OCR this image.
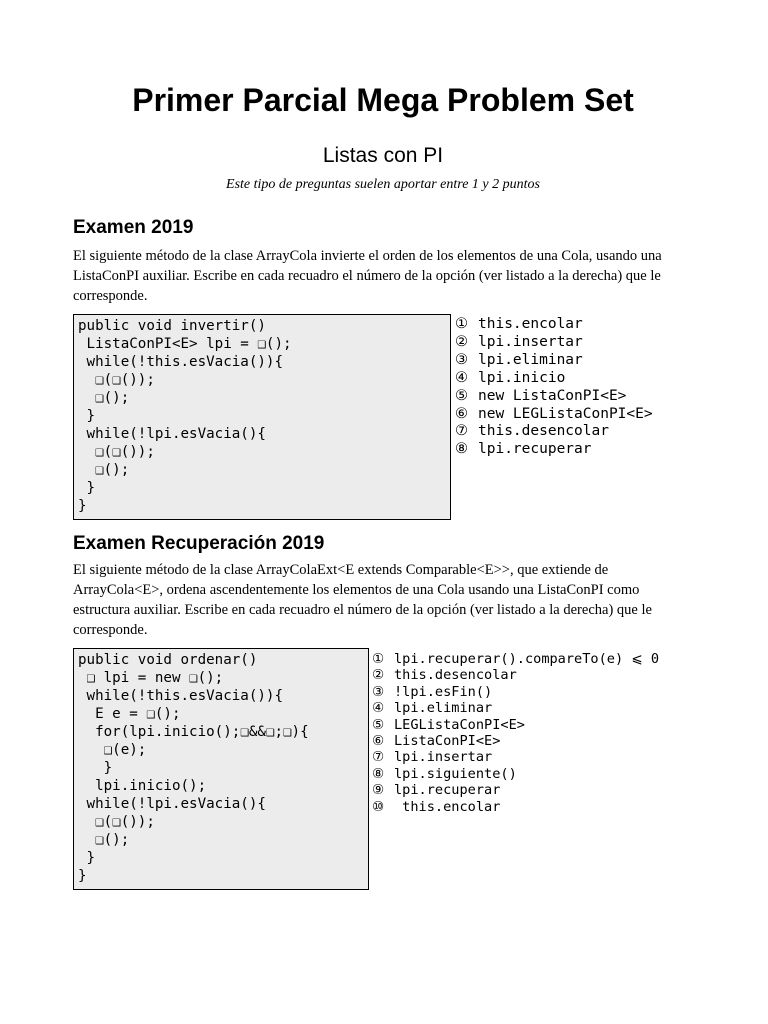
Primer Parcial Mega Problem Set
Listas con PI
Este tipo de preguntas suelen aportar entre 1 y 2 puntos
Examen 2019
El siguiente método de la clase ArrayCola invierte el orden de los elementos de una Cola, usando una ListaConPI auxiliar. Escribe en cada recuadro el número de la opción (ver listado a la derecha) que le corresponde.
public void invertir()
ListaConPI<E> lpi = ❑();
while(!this.esVacia()){
❑(❑());
❑();
}
while(!lpi.esVacia(){
❑(❑());
❑();
}
}
① this.encolar
② lpi.insertar
③ lpi.eliminar
④ lpi.inicio
⑤ new ListaConPI<E>
⑥ new LEGListaConPI<E>
⑦ this.desencolar
⑧ lpi.recuperar
Examen Recuperación 2019
El siguiente método de la clase ArrayColaExt<E extends Comparable<E>>, que extiende de ArrayCola<E>, ordena ascendentemente los elementos de una Cola usando una ListaConPI como estructura auxiliar. Escribe en cada recuadro el número de la opción (ver listado a la derecha) que le corresponde.
public void ordenar()
❑ lpi = new ❑();
while(!this.esVacia()){
E e = ❑();
for(lpi.inicio();❑&&❑;❑){
❑(e);
}
lpi.inicio();
while(!lpi.esVacia(){
❑(❑());
❑();
}
}
① lpi.recuperar().compareTo(e) ⩽ 0
② this.desencolar
③ !lpi.esFin()
④ lpi.eliminar
⑤ LEGListaConPI<E>
⑥ ListaConPI<E>
⑦ lpi.insertar
⑧ lpi.siguiente()
⑨ lpi.recuperar
⑩ this.encolar
